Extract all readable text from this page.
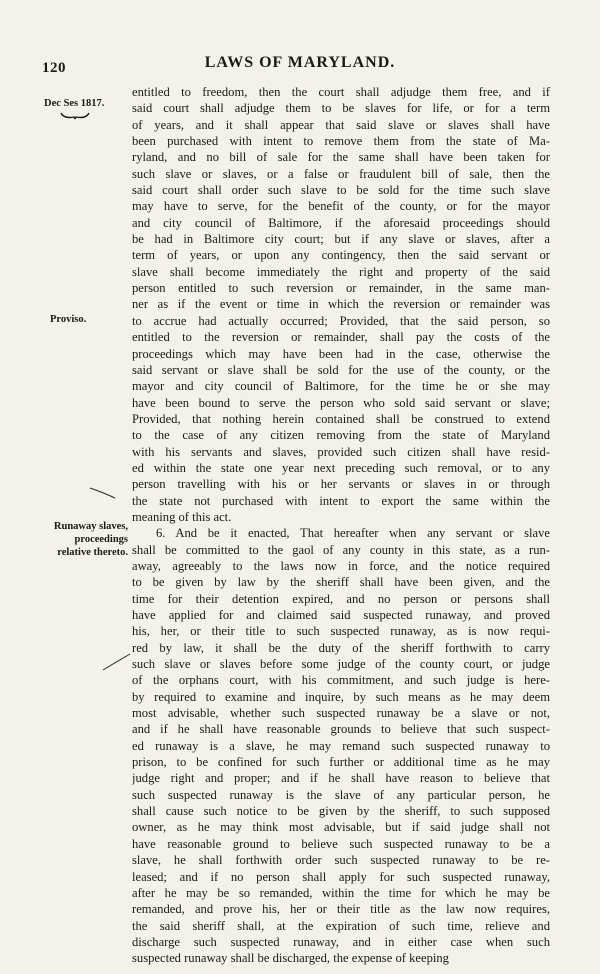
120	LAWS OF MARYLAND.
Dec Ses 1817.
Proviso.
Runaway slaves, proceedings relative thereto.
entitled to freedom, then the court shall adjudge them free, and if
said court shall adjudge them to be slaves for life, or for a term
of years, and it shall appear that said slave or slaves shall have
been purchased with intent to remove them from the state of Ma-
ryland, and no bill of sale for the same shall have been taken for
such slave or slaves, or a false or fraudulent bill of sale, then the
said court shall order such slave to be sold for the time such slave
may have to serve, for the benefit of the county, or for the mayor
and city council of Baltimore, if the aforesaid proceedings should
be had in Baltimore city court; but if any slave or slaves, after a
term of years, or upon any contingency, then the said servant or
slave shall become immediately the right and property of the said
person entitled to such reversion or remainder, in the same man-
ner as if the event or time in which the reversion or remainder was
to accrue had actually occurred; Provided, that the said person, so
entitled to the reversion or remainder, shall pay the costs of the
proceedings which may have been had in the case, otherwise the
said servant or slave shall be sold for the use of the county, or the
mayor and city council of Baltimore, for the time he or she may
have been bound to serve the person who sold said servant or slave;
Provided, that nothing herein contained shall be construed to extend
to the case of any citizen removing from the state of Maryland
with his servants and slaves, provided such citizen shall have resid-
ed within the state one year next preceding such removal, or to any
person travelling with his or her servants or slaves in or through
the state not purchased with intent to export the same within the
meaning of this act.
6. And be it enacted, That hereafter when any servant or slave
shall be committed to the gaol of any county in this state, as a run-
away, agreeably to the laws now in force, and the notice required
to be given by law by the sheriff shall have been given, and the
time for their detention expired, and no person or persons shall
have applied for and claimed said suspected runaway, and proved
his, her, or their title to such suspected runaway, as is now requi-
red by law, it shall be the duty of the sheriff forthwith to carry
such slave or slaves before some judge of the county court, or judge
of the orphans court, with his commitment, and such judge is here-
by required to examine and inquire, by such means as he may deem
most advisable, whether such suspected runaway be a slave or not,
and if he shall have reasonable grounds to believe that such suspect-
ed runaway is a slave, he may remand such suspected runaway to
prison, to be confined for such further or additional time as he may
judge right and proper; and if he shall have reason to believe that
such suspected runaway is the slave of any particular person, he
shall cause such notice to be given by the sheriff, to such supposed
owner, as he may think most advisable, but if said judge shall not
have reasonable ground to believe such suspected runaway to be a
slave, he shall forthwith order such suspected runaway to be re-
leased; and if no person shall apply for such suspected runaway,
after he may be so remanded, within the time for which he may be
remanded, and prove his, her or their title as the law now requires,
the said sheriff shall, at the expiration of such time, relieve and
discharge such suspected runaway, and in either case when such
suspected runaway shall be discharged, the expense of keeping
